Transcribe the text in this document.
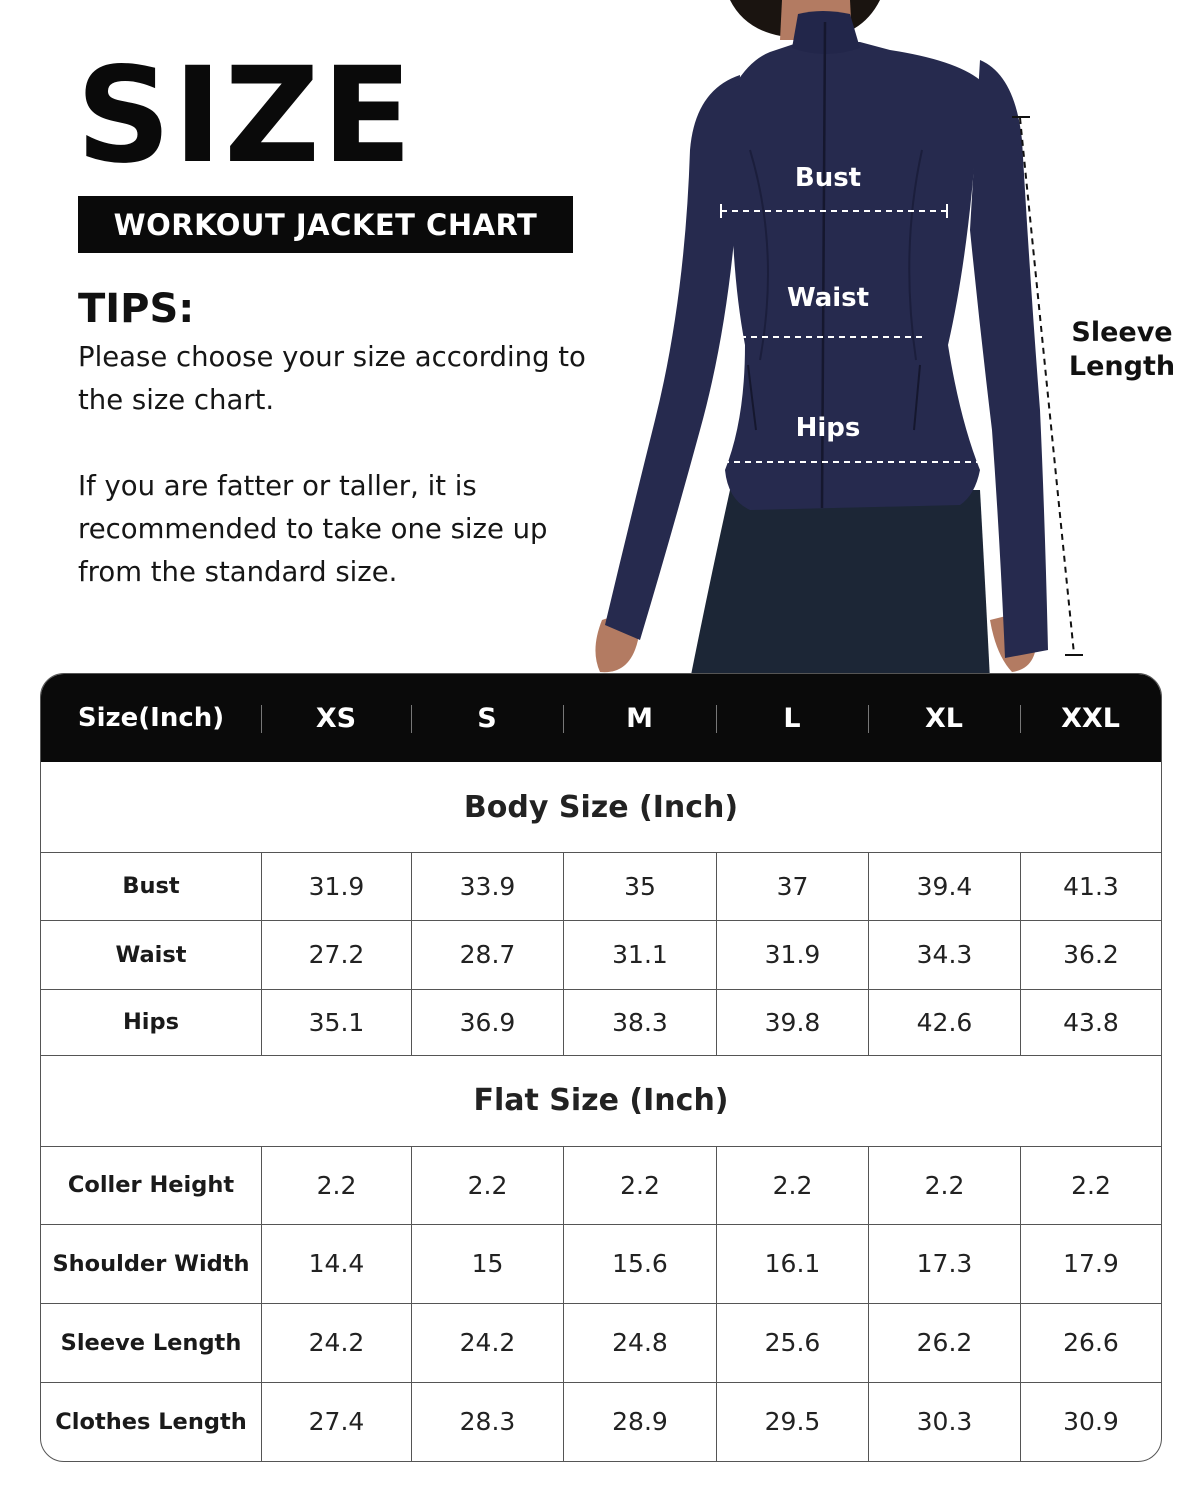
SIZE
WORKOUT JACKET CHART
TIPS:
Please choose your size according to the size chart.
If you are fatter or taller, it is recommended to take one size up from the standard size.
Bust
Waist
Hips
Sleeve
Length
Size(Inch)	XS	S	M	L	XL	XXL
Body Size (Inch)
Bust	31.9	33.9	35	37	39.4	41.3
Waist	27.2	28.7	31.1	31.9	34.3	36.2
Hips	35.1	36.9	38.3	39.8	42.6	43.8
Flat Size (Inch)
Coller Height	2.2	2.2	2.2	2.2	2.2	2.2
Shoulder Width	14.4	15	15.6	16.1	17.3	17.9
Sleeve Length	24.2	24.2	24.8	25.6	26.2	26.6
Clothes Length	27.4	28.3	28.9	29.5	30.3	30.9
